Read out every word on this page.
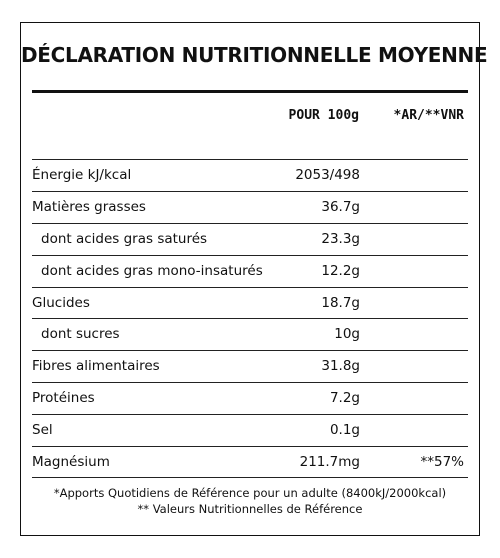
DÉCLARATION NUTRITIONNELLE MOYENNE
POUR 100g	*AR/**VNR
Énergie kJ/kcal	2053/498
Matières grasses	36.7g
dont acides gras saturés	23.3g
dont acides gras mono-insaturés	12.2g
Glucides	18.7g
dont sucres	10g
Fibres alimentaires	31.8g
Protéines	7.2g
Sel	0.1g
Magnésium	211.7mg	**57%
*Apports Quotidiens de Référence pour un adulte (8400kJ/2000kcal)
** Valeurs Nutritionnelles de Référence
